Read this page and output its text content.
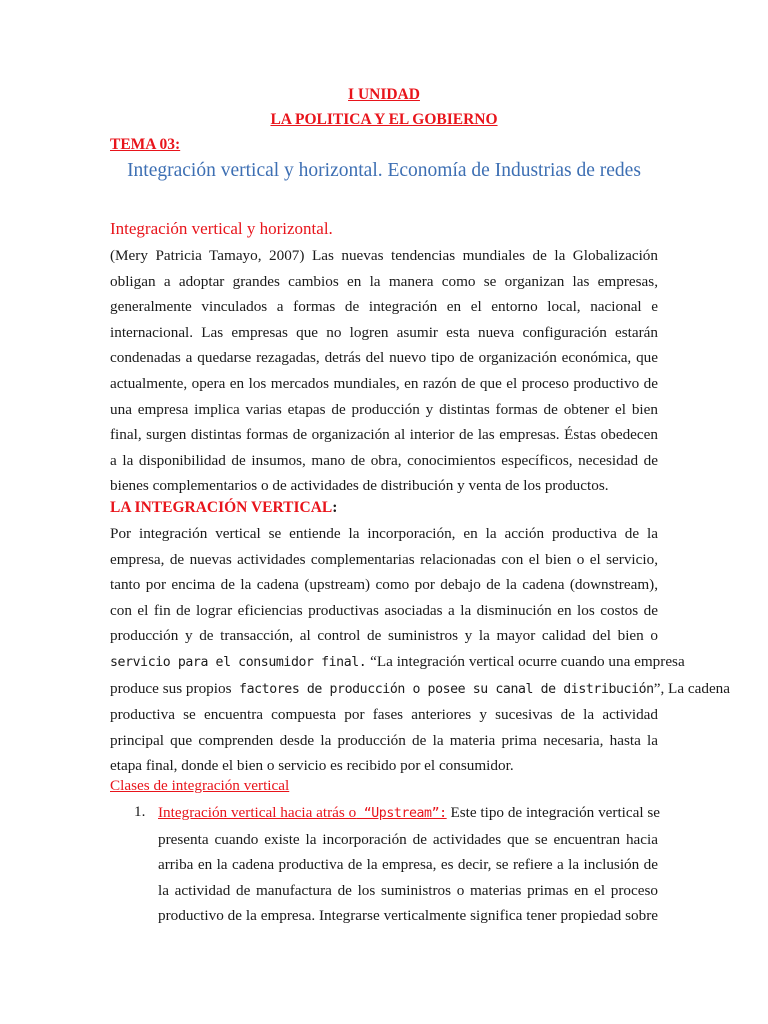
I UNIDAD
LA POLITICA Y EL GOBIERNO
TEMA 03:
Integración vertical y horizontal. Economía de Industrias de redes
Integración vertical y horizontal.
(Mery Patricia Tamayo, 2007) Las nuevas tendencias mundiales de la Globalización
obligan a adoptar grandes cambios en la manera como se organizan las empresas,
generalmente vinculados a formas de integración en el entorno local, nacional e
internacional. Las empresas que no logren asumir esta nueva configuración estarán
condenadas a quedarse rezagadas, detrás del nuevo tipo de organización económica, que
actualmente, opera en los mercados mundiales, en razón de que el proceso productivo de
una empresa implica varias etapas de producción y distintas formas de obtener el bien
final, surgen distintas formas de organización al interior de las empresas. Éstas obedecen
a la disponibilidad de insumos, mano de obra, conocimientos específicos, necesidad de
bienes complementarios o de actividades de distribución y venta de los productos.
LA INTEGRACIÓN VERTICAL:
Por integración vertical se entiende la incorporación, en la acción productiva de la
empresa, de nuevas actividades complementarias relacionadas con el bien o el servicio,
tanto por encima de la cadena (upstream) como por debajo de la cadena (downstream),
con el fin de lograr eficiencias productivas asociadas a la disminución en los costos de
producción y de transacción, al control de suministros y la mayor calidad del bien o
servicio para el consumidor final. “La integración vertical ocurre cuando una empresa
produce sus propios factores de producción o posee su canal de distribución”, La cadena
productiva se encuentra compuesta por fases anteriores y sucesivas de la actividad
principal que comprenden desde la producción de la materia prima necesaria, hasta la
etapa final, donde el bien o servicio es recibido por el consumidor.
Clases de integración vertical
1. Integración vertical hacia atrás o “Upstream”: Este tipo de integración vertical se
presenta cuando existe la incorporación de actividades que se encuentran hacia
arriba en la cadena productiva de la empresa, es decir, se refiere a la inclusión de
la actividad de manufactura de los suministros o materias primas en el proceso
productivo de la empresa. Integrarse verticalmente significa tener propiedad sobre
